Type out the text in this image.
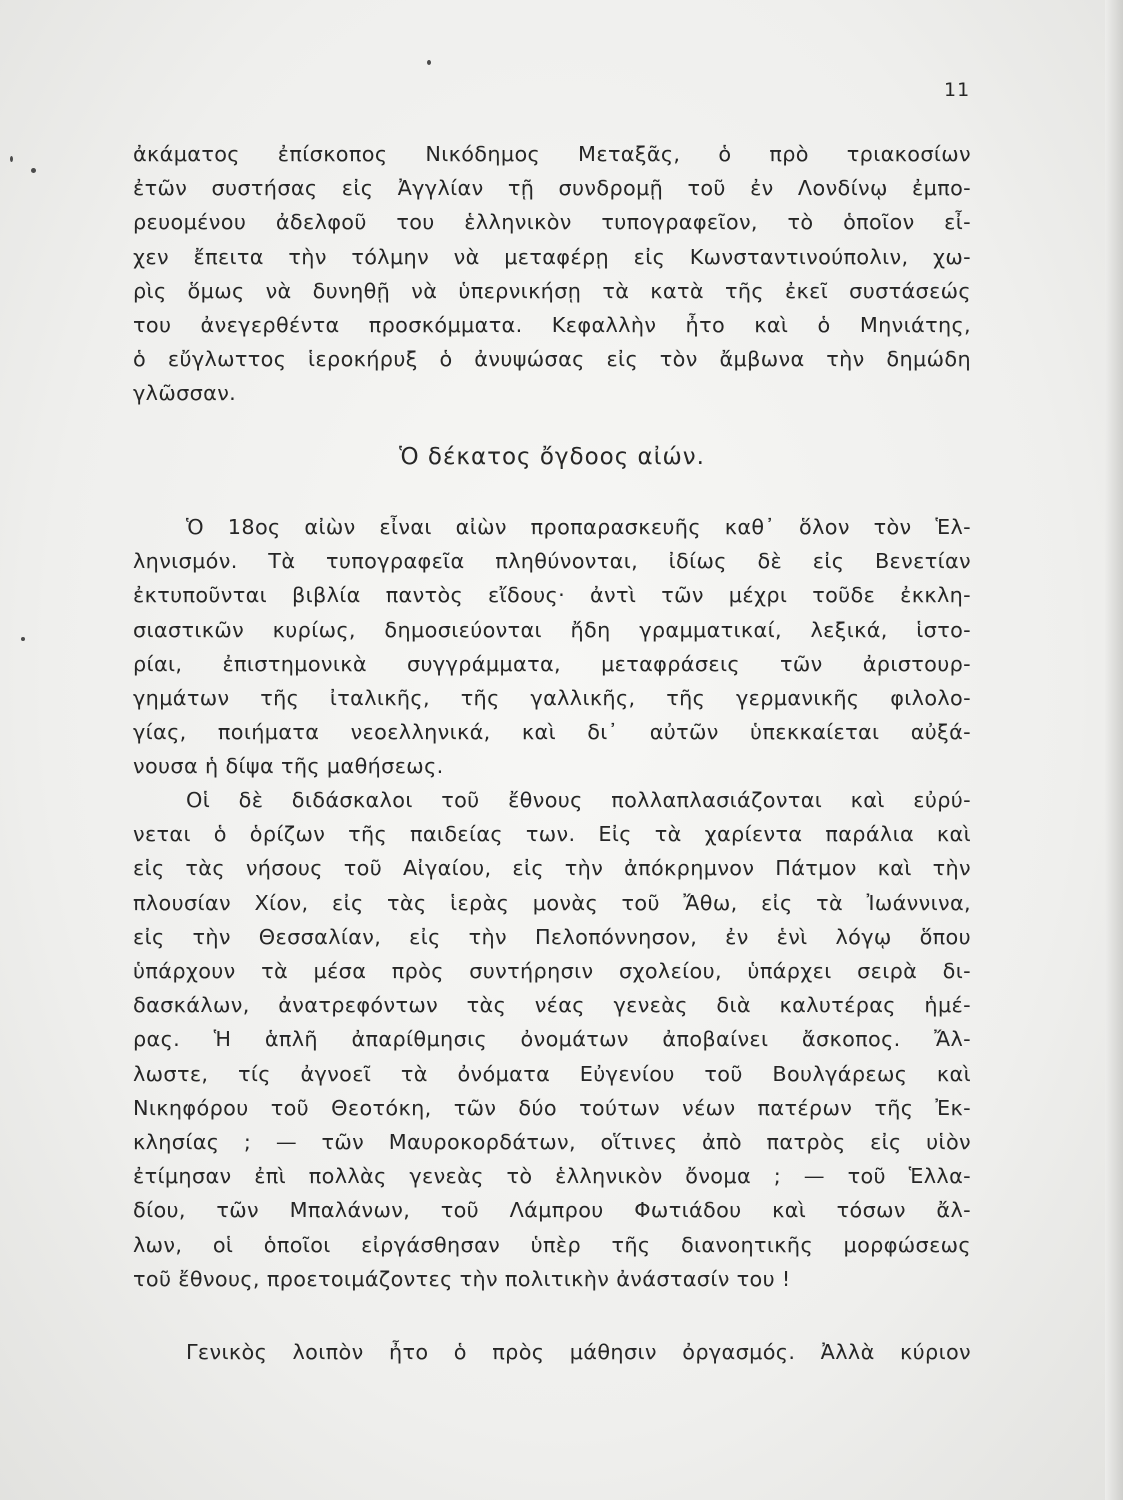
11
ἀκάματος ἐπίσκοπος Νικόδημος Μεταξᾶς, ὁ πρὸ τριακοσίων
ἐτῶν συστήσας εἰς Ἀγγλίαν τῇ συνδρομῇ τοῦ ἐν Λονδίνῳ ἐμπο-
ρευομένου ἀδελφοῦ του ἑλληνικὸν τυπογραφεῖον, τὸ ὁποῖον εἶ-
χεν ἔπειτα τὴν τόλμην νὰ μεταφέρῃ εἰς Κωνσταντινούπολιν, χω-
ρὶς ὅμως νὰ δυνηθῇ νὰ ὑπερνικήσῃ τὰ κατὰ τῆς ἐκεῖ συστάσεώς
του ἀνεγερθέντα προσκόμματα. Κεφαλλὴν ἦτο καὶ ὁ Μηνιάτης,
ὁ εὔγλωττος ἱεροκήρυξ ὁ ἀνυψώσας εἰς τὸν ἄμβωνα τὴν δημώδη
γλῶσσαν.
Ὁ δέκατος ὄγδοος αἰών.
Ὁ 18ος αἰὼν εἶναι αἰὼν προπαρασκευῆς καθ᾽ ὅλον τὸν Ἑλ-
ληνισμόν. Τὰ τυπογραφεῖα πληθύνονται, ἰδίως δὲ εἰς Βενετίαν
ἐκτυποῦνται βιβλία παντὸς εἴδους· ἀντὶ τῶν μέχρι τοῦδε ἐκκλη-
σιαστικῶν κυρίως, δημοσιεύονται ἤδη γραμματικαί, λεξικά, ἱστο-
ρίαι, ἐπιστημονικὰ συγγράμματα, μεταφράσεις τῶν ἀριστουρ-
γημάτων τῆς ἰταλικῆς, τῆς γαλλικῆς, τῆς γερμανικῆς φιλολο-
γίας, ποιήματα νεοελληνικά, καὶ δι᾽ αὐτῶν ὑπεκκαίεται αὐξά-
νουσα ἡ δίψα τῆς μαθήσεως.
Οἱ δὲ διδάσκαλοι τοῦ ἔθνους πολλαπλασιάζονται καὶ εὐρύ-
νεται ὁ ὁρίζων τῆς παιδείας των. Εἰς τὰ χαρίεντα παράλια καὶ
εἰς τὰς νήσους τοῦ Αἰγαίου, εἰς τὴν ἀπόκρημνον Πάτμον καὶ τὴν
πλουσίαν Χίον, εἰς τὰς ἱερὰς μονὰς τοῦ Ἄθω, εἰς τὰ Ἰωάννινα,
εἰς τὴν Θεσσαλίαν, εἰς τὴν Πελοπόννησον, ἐν ἑνὶ λόγῳ ὅπου
ὑπάρχουν τὰ μέσα πρὸς συντήρησιν σχολείου, ὑπάρχει σειρὰ δι-
δασκάλων, ἀνατρεφόντων τὰς νέας γενεὰς διὰ καλυτέρας ἡμέ-
ρας. Ἡ ἁπλῆ ἀπαρίθμησις ὀνομάτων ἀποβαίνει ἄσκοπος. Ἄλ-
λωστε, τίς ἀγνοεῖ τὰ ὀνόματα Εὐγενίου τοῦ Βουλγάρεως καὶ
Νικηφόρου τοῦ Θεοτόκη, τῶν δύο τούτων νέων πατέρων τῆς Ἐκ-
κλησίας ; — τῶν Μαυροκορδάτων, οἵτινες ἀπὸ πατρὸς εἰς υἱὸν
ἐτίμησαν ἐπὶ πολλὰς γενεὰς τὸ ἑλληνικὸν ὄνομα ; — τοῦ Ἑλλα-
δίου, τῶν Μπαλάνων, τοῦ Λάμπρου Φωτιάδου καὶ τόσων ἄλ-
λων, οἱ ὁποῖοι εἰργάσθησαν ὑπὲρ τῆς διανοητικῆς μορφώσεως
τοῦ ἔθνους, προετοιμάζοντες τὴν πολιτικὴν ἀνάστασίν του !
Γενικὸς λοιπὸν ἦτο ὁ πρὸς μάθησιν ὀργασμός. Ἀλλὰ κύριον
